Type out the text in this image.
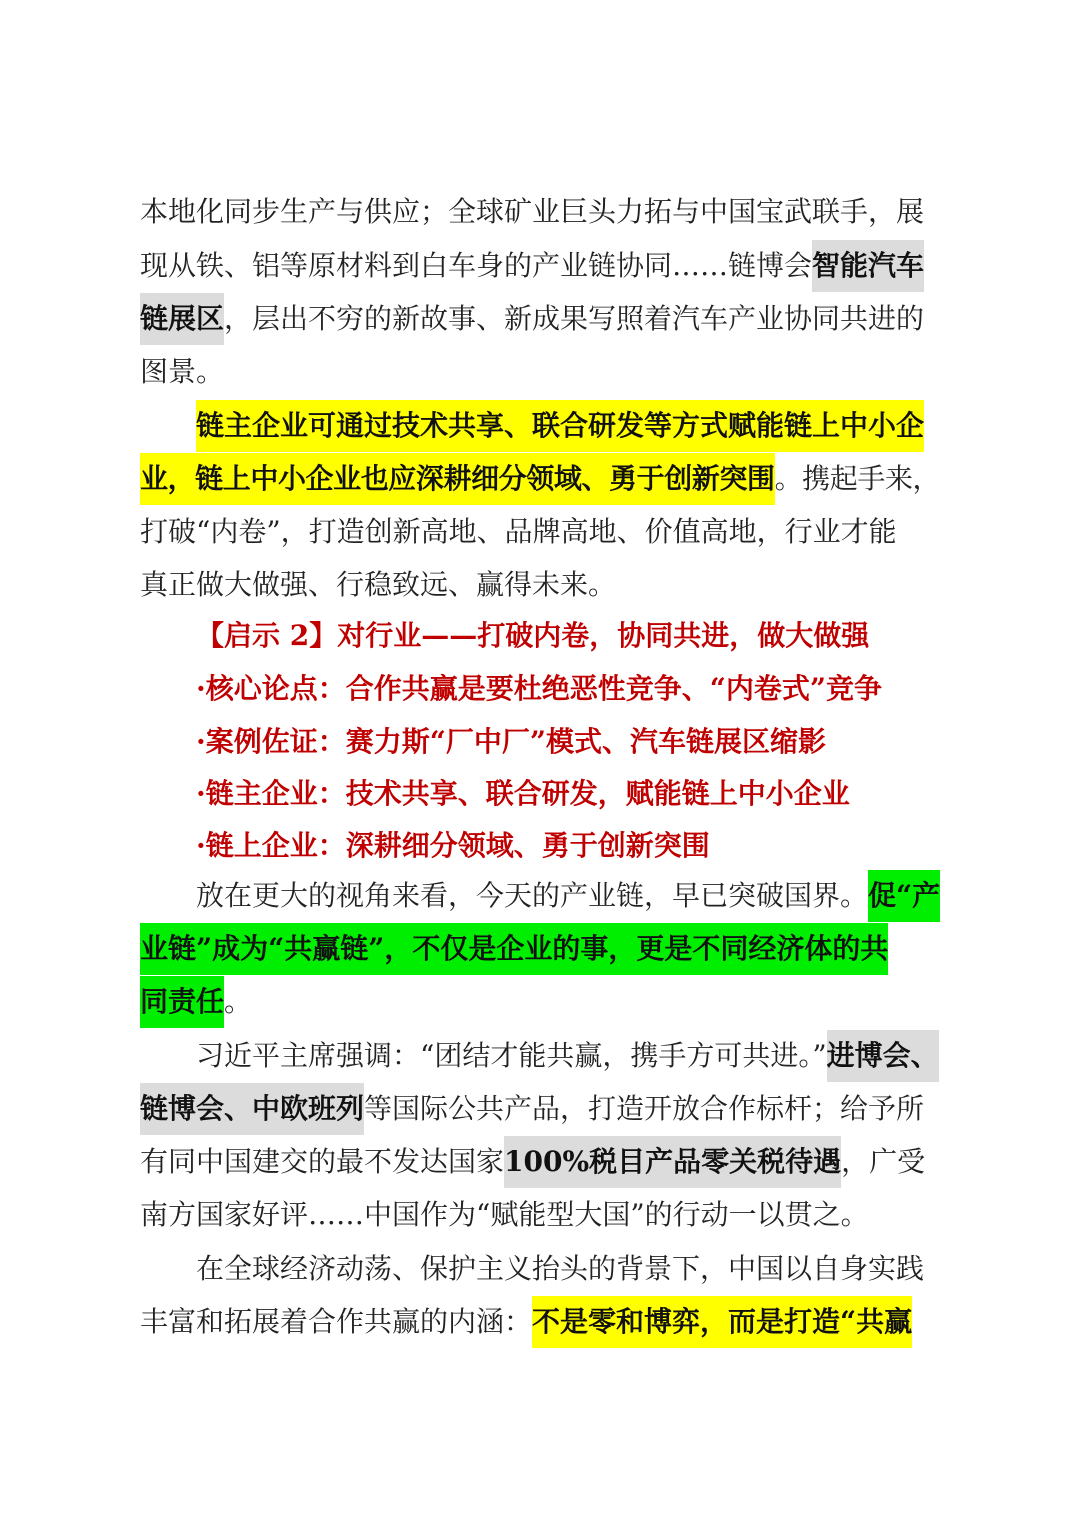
本地化同步生产与供应；全球矿业巨头力拓与中国宝武联手，展
现从铁、铝等原材料到白车身的产业链协同……链博会智能汽车
链展区，层出不穷的新故事、新成果写照着汽车产业协同共进的
图景。
链主企业可通过技术共享、联合研发等方式赋能链上中小企
业，链上中小企业也应深耕细分领域、勇于创新突围。携起手来，
打破“内卷”，打造创新高地、品牌高地、价值高地，行业才能
真正做大做强、行稳致远、赢得未来。
【启示 2】对行业——打破内卷，协同共进，做大做强
·核心论点：合作共赢是要杜绝恶性竞争、“内卷式”竞争
·案例佐证：赛力斯“厂中厂”模式、汽车链展区缩影
·链主企业：技术共享、联合研发，赋能链上中小企业
·链上企业：深耕细分领域、勇于创新突围
放在更大的视角来看，今天的产业链，早已突破国界。促“产
业链”成为“共赢链”，不仅是企业的事，更是不同经济体的共
同责任。
习近平主席强调：“团结才能共赢，携手方可共进。”进博会、
链博会、中欧班列等国际公共产品，打造开放合作标杆；给予所
有同中国建交的最不发达国家100%税目产品零关税待遇，广受
南方国家好评……中国作为“赋能型大国”的行动一以贯之。
在全球经济动荡、保护主义抬头的背景下，中国以自身实践
丰富和拓展着合作共赢的内涵：不是零和博弈，而是打造“共赢
